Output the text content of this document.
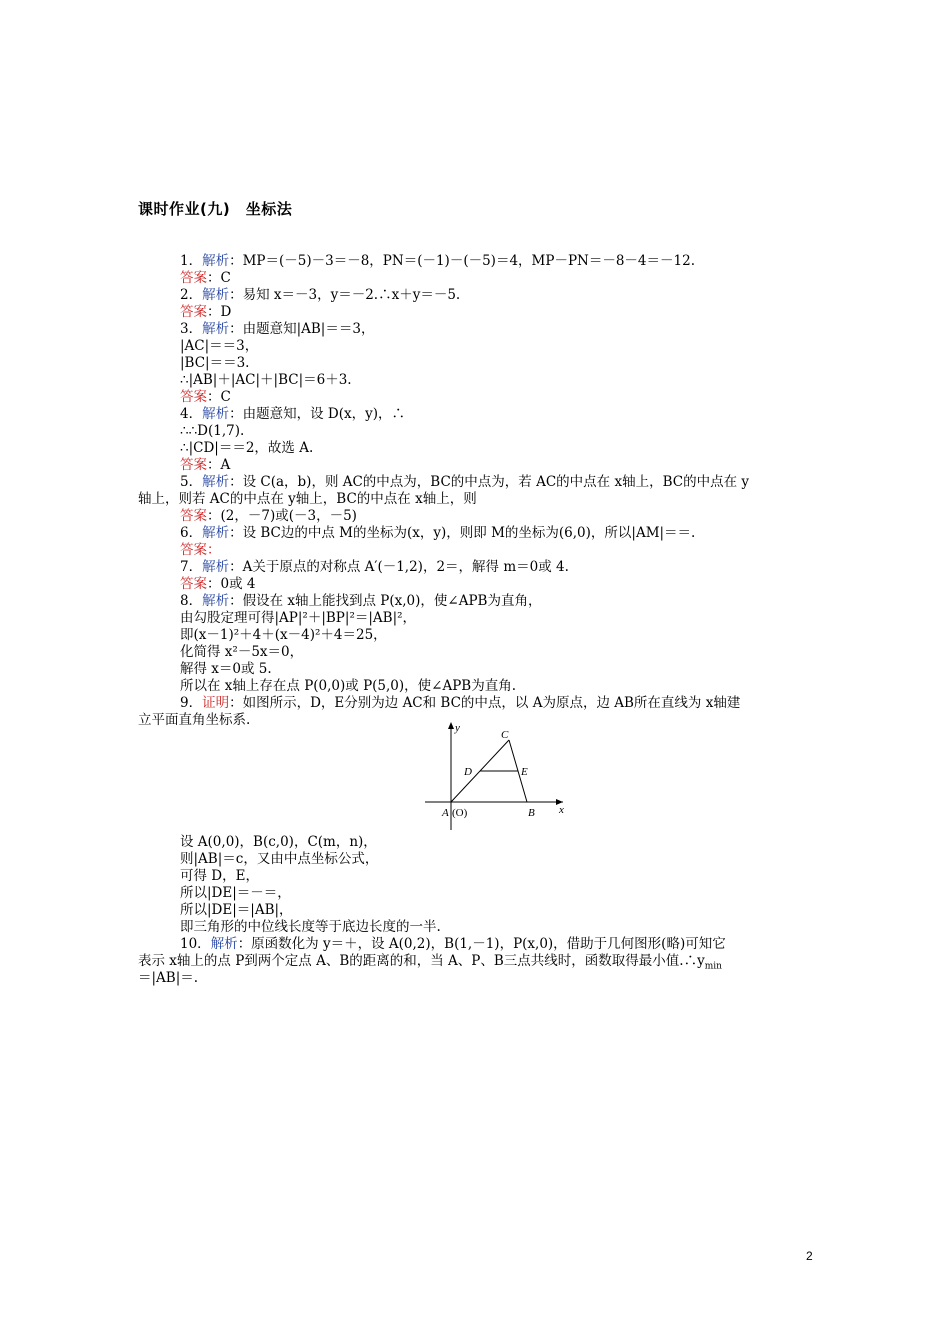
课时作业(九)　坐标法
1．解析：MP＝(－5)－3＝－8，PN＝(－1)－(－5)＝4，MP－PN＝－8－4＝－12.
答案：C
2．解析：易知 x＝－3，y＝－2.∴x＋y＝－5.
答案：D
3．解析：由题意知|AB|＝＝3，
|AC|＝＝3，
|BC|＝＝3.
∴|AB|＋|AC|＋|BC|＝6＋3.
答案：C
4．解析：由题意知，设 D(x，y)，∴
∴∴D(1,7).
∴|CD|＝＝2，故选 A.
答案：A
5．解析：设 C(a，b)，则 AC的中点为，BC的中点为，若 AC的中点在 x轴上，BC的中点在 y
轴上，则若 AC的中点在 y轴上，BC的中点在 x轴上，则
答案：(2，－7)或(－3，－5)
6．解析：设 BC边的中点 M的坐标为(x，y)，则即 M的坐标为(6,0)，所以|AM|＝＝.
答案：
7．解析：A关于原点的对称点 A′(－1,2)，2＝，解得 m＝0或 4.
答案：0或 4
8．解析：假设在 x轴上能找到点 P(x,0)，使∠APB为直角，
由勾股定理可得|AP|²＋|BP|²＝|AB|²，
即(x－1)²＋4＋(x－4)²＋4＝25，
化简得 x²－5x＝0，
解得 x＝0或 5.
所以在 x轴上存在点 P(0,0)或 P(5,0)，使∠APB为直角.
9．证明：如图所示，D，E分别为边 AC和 BC的中点，以 A为原点，边 AB所在直线为 x轴建
立平面直角坐标系.	y
x
C
D	E
A (O)	B
设 A(0,0)，B(c,0)，C(m，n)，
则|AB|＝c，又由中点坐标公式，
可得 D，E，
所以|DE|＝－＝，
所以|DE|＝|AB|，
即三角形的中位线长度等于底边长度的一半.
10．解析：原函数化为 y＝＋，设 A(0,2)，B(1,－1)，P(x,0)，借助于几何图形(略)可知它
表示 x轴上的点 P到两个定点 A、B的距离的和，当 A、P、B三点共线时，函数取得最小值$.\therefore y_{min}$
＝|AB|＝.
2
